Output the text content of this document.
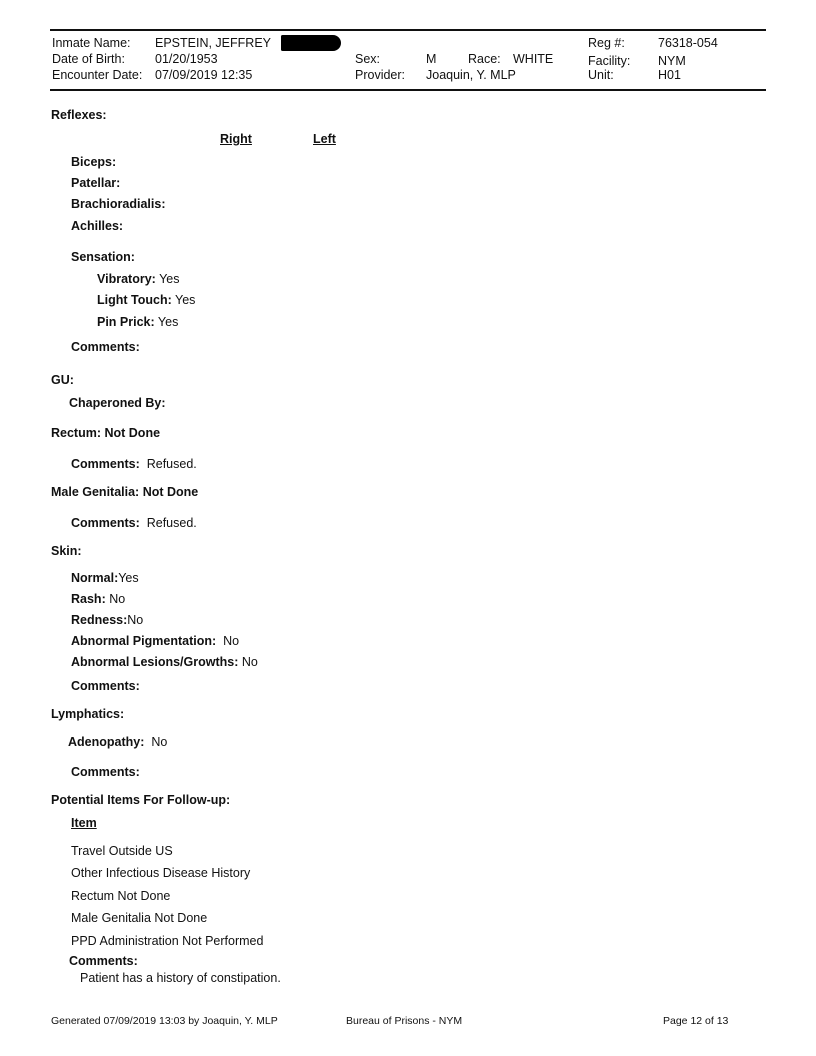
Inmate Name: EPSTEIN, JEFFREY	Reg #:	76318-054
Date of Birth: 01/20/1953	Sex:	M	Race: WHITE	Facility: NYM
Encounter Date: 07/09/2019 12:35	Provider: Joaquin, Y. MLP	Unit:	H01
Reflexes:
Right	Left
Biceps:
Patellar:
Brachioradialis:
Achilles:
Sensation:
Vibratory: Yes
Light Touch: Yes
Pin Prick: Yes
Comments:
GU:
Chaperoned By:
Rectum: Not Done
Comments: Refused.
Male Genitalia: Not Done
Comments: Refused.
Skin:
Normal:Yes
Rash: No
Redness:No
Abnormal Pigmentation: No
Abnormal Lesions/Growths: No
Comments:
Lymphatics:
Adenopathy: No
Comments:
Potential Items For Follow-up:
Item
Travel Outside US
Other Infectious Disease History
Rectum Not Done
Male Genitalia Not Done
PPD Administration Not Performed
Comments:
Patient has a history of constipation.
Generated 07/09/2019 13:03 by Joaquin, Y. MLP	Bureau of Prisons - NYM	Page 12 of 13
